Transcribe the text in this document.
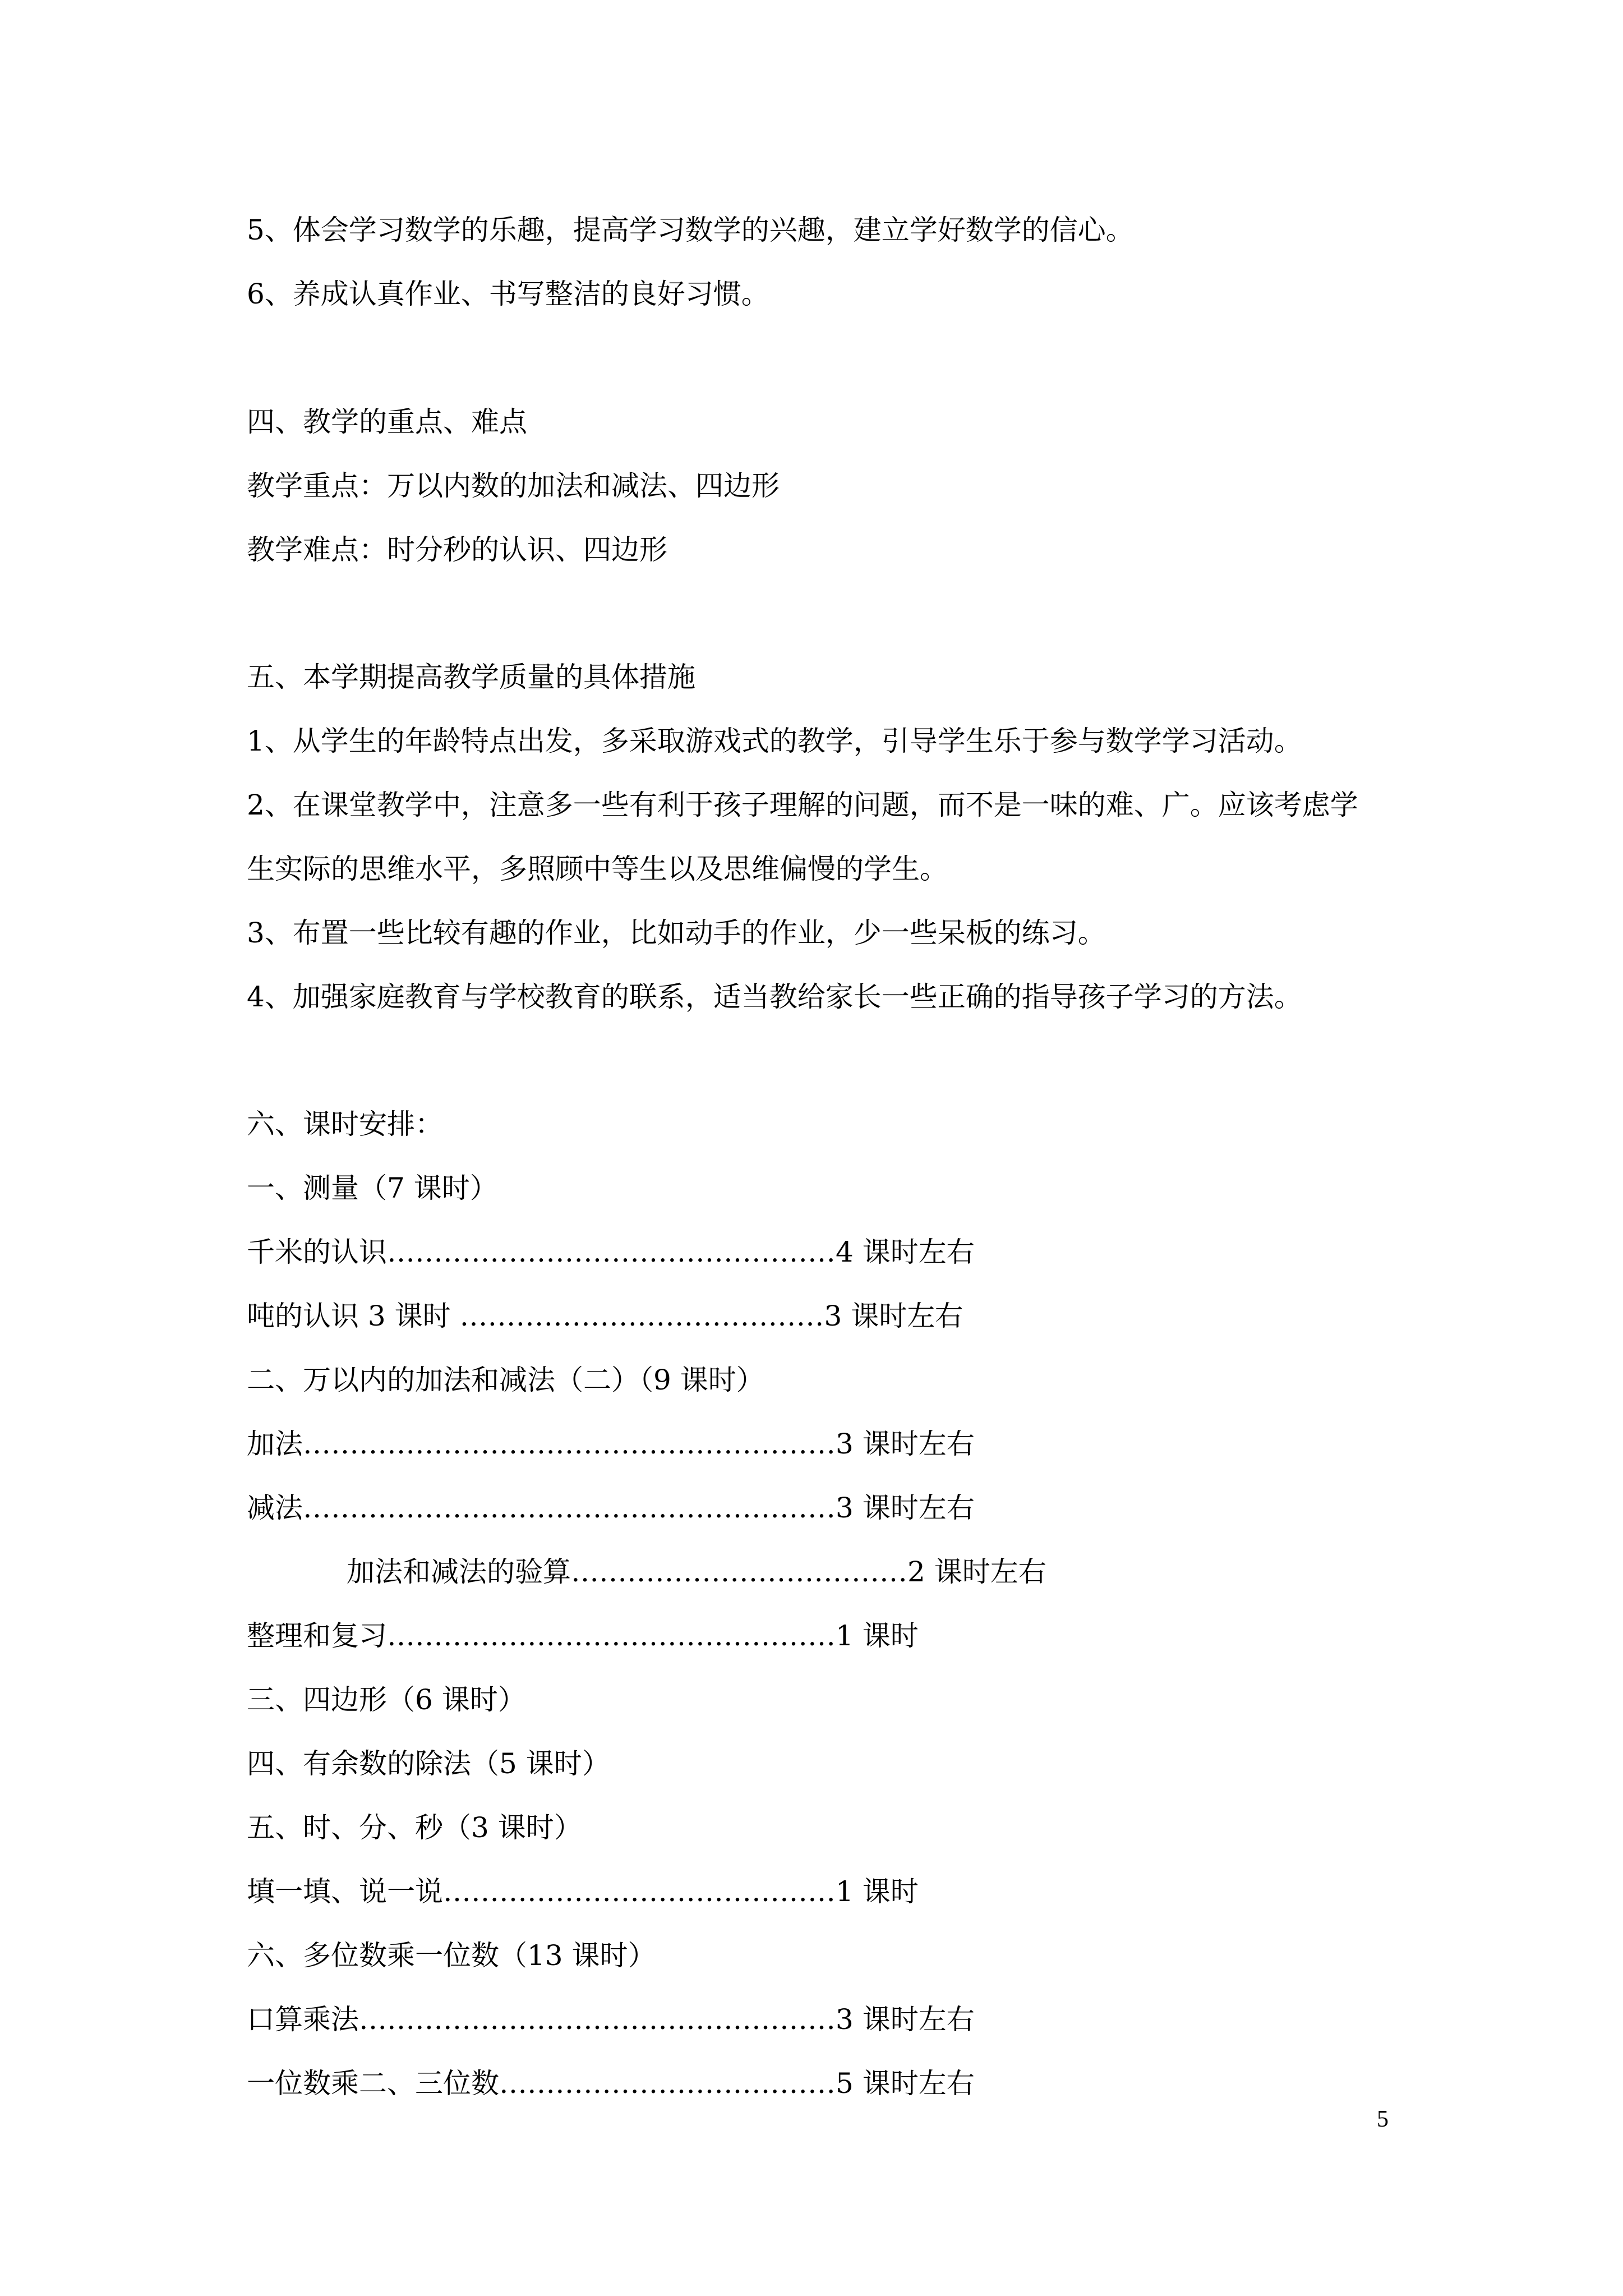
5、体会学习数学的乐趣，提高学习数学的兴趣，建立学好数学的信心。

6、养成认真作业、书写整洁的良好习惯。

四、教学的重点、难点

教学重点：万以内数的加法和减法、四边形

教学难点：时分秒的认识、四边形

五、本学期提高教学质量的具体措施

1、从学生的年龄特点出发，多采取游戏式的教学，引导学生乐于参与数学学习活动。

2、在课堂教学中，注意多一些有利于孩子理解的问题，而不是一味的难、广。应该考虑学

生实际的思维水平，多照顾中等生以及思维偏慢的学生。

3、布置一些比较有趣的作业，比如动手的作业，少一些呆板的练习。

4、加强家庭教育与学校教育的联系，适当教给家长一些正确的指导孩子学习的方法。

六、课时安排：

一、测量（7 课时）

千米的认识…………………………………………4 课时左右

吨的认识 3 课时 …………………………………3 课时左右

二、万以内的加法和减法（二）（9 课时）

加法…………………………………………………3 课时左右

减法…………………………………………………3 课时左右

加法和减法的验算………………………………2 课时左右

整理和复习…………………………………………1 课时

三、四边形（6 课时）

四、有余数的除法（5 课时）

五、时、分、秒（3 课时）

填一填、说一说……………………………………1 课时

六、多位数乘一位数（13 课时）

口算乘法……………………………………………3 课时左右

一位数乘二、三位数………………………………5 课时左右

5
